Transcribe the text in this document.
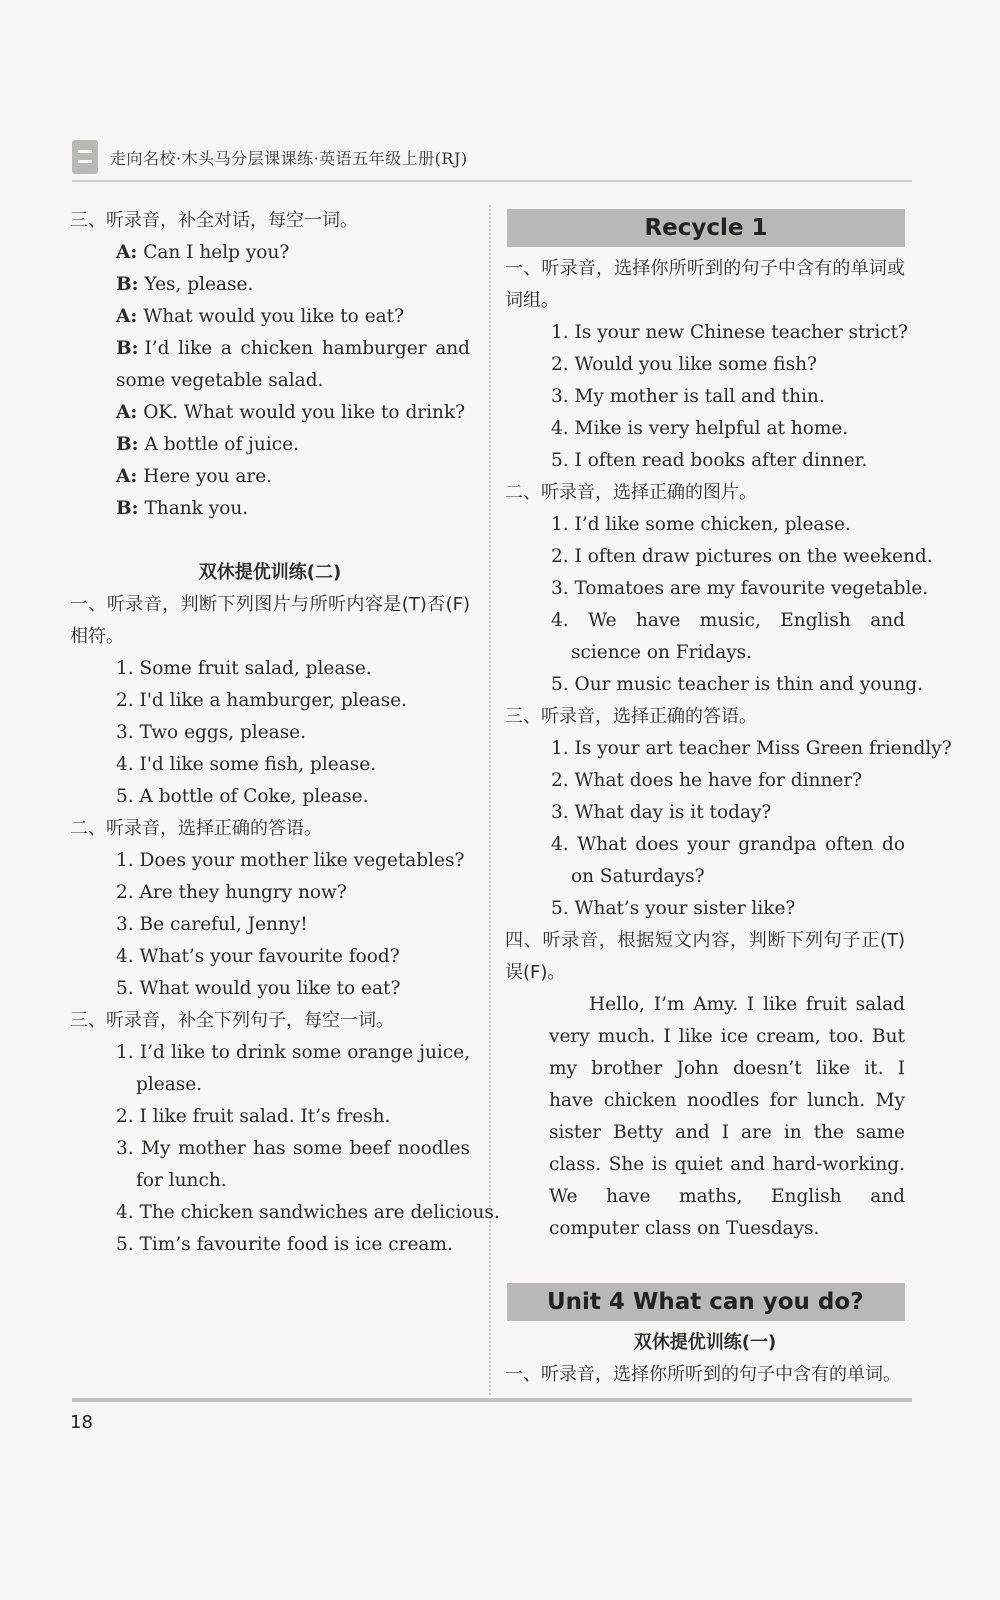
走向名校·木头马分层课课练·英语五年级上册(RJ)
三、听录音，补全对话，每空一词。
A: Can I help you?
B: Yes, please.
A: What would you like to eat?
B: I’d like a chicken hamburger and some vegetable salad.
A: OK. What would you like to drink?
B: A bottle of juice.
A: Here you are.
B: Thank you.
双休提优训练(二)
一、听录音，判断下列图片与所听内容是(T)否(F)相符。
1. Some fruit salad, please.
2. I'd like a hamburger, please.
3. Two eggs, please.
4. I'd like some fish, please.
5. A bottle of Coke, please.
二、听录音，选择正确的答语。
1. Does your mother like vegetables?
2. Are they hungry now?
3. Be careful, Jenny!
4. What’s your favourite food?
5. What would you like to eat?
三、听录音，补全下列句子，每空一词。
1. I’d like to drink some orange juice, please.
2. I like fruit salad. It’s fresh.
3. My mother has some beef noodles for lunch.
4. The chicken sandwiches are delicious.
5. Tim’s favourite food is ice cream.
Recycle 1
一、听录音，选择你所听到的句子中含有的单词或词组。
1. Is your new Chinese teacher strict?
2. Would you like some fish?
3. My mother is tall and thin.
4. Mike is very helpful at home.
5. I often read books after dinner.
二、听录音，选择正确的图片。
1. I’d like some chicken, please.
2. I often draw pictures on the weekend.
3. Tomatoes are my favourite vegetable.
4. We have music, English and science on Fridays.
5. Our music teacher is thin and young.
三、听录音，选择正确的答语。
1. Is your art teacher Miss Green friendly?
2. What does he have for dinner?
3. What day is it today?
4. What does your grandpa often do on Saturdays?
5. What’s your sister like?
四、听录音，根据短文内容，判断下列句子正(T)误(F)。
Hello, I’m Amy. I like fruit salad very much. I like ice cream, too. But my brother John doesn’t like it. I have chicken noodles for lunch. My sister Betty and I are in the same class. She is quiet and hard-working. We have maths, English and computer class on Tuesdays.
Unit 4 What can you do?
双休提优训练(一)
一、听录音，选择你所听到的句子中含有的单词。
18
